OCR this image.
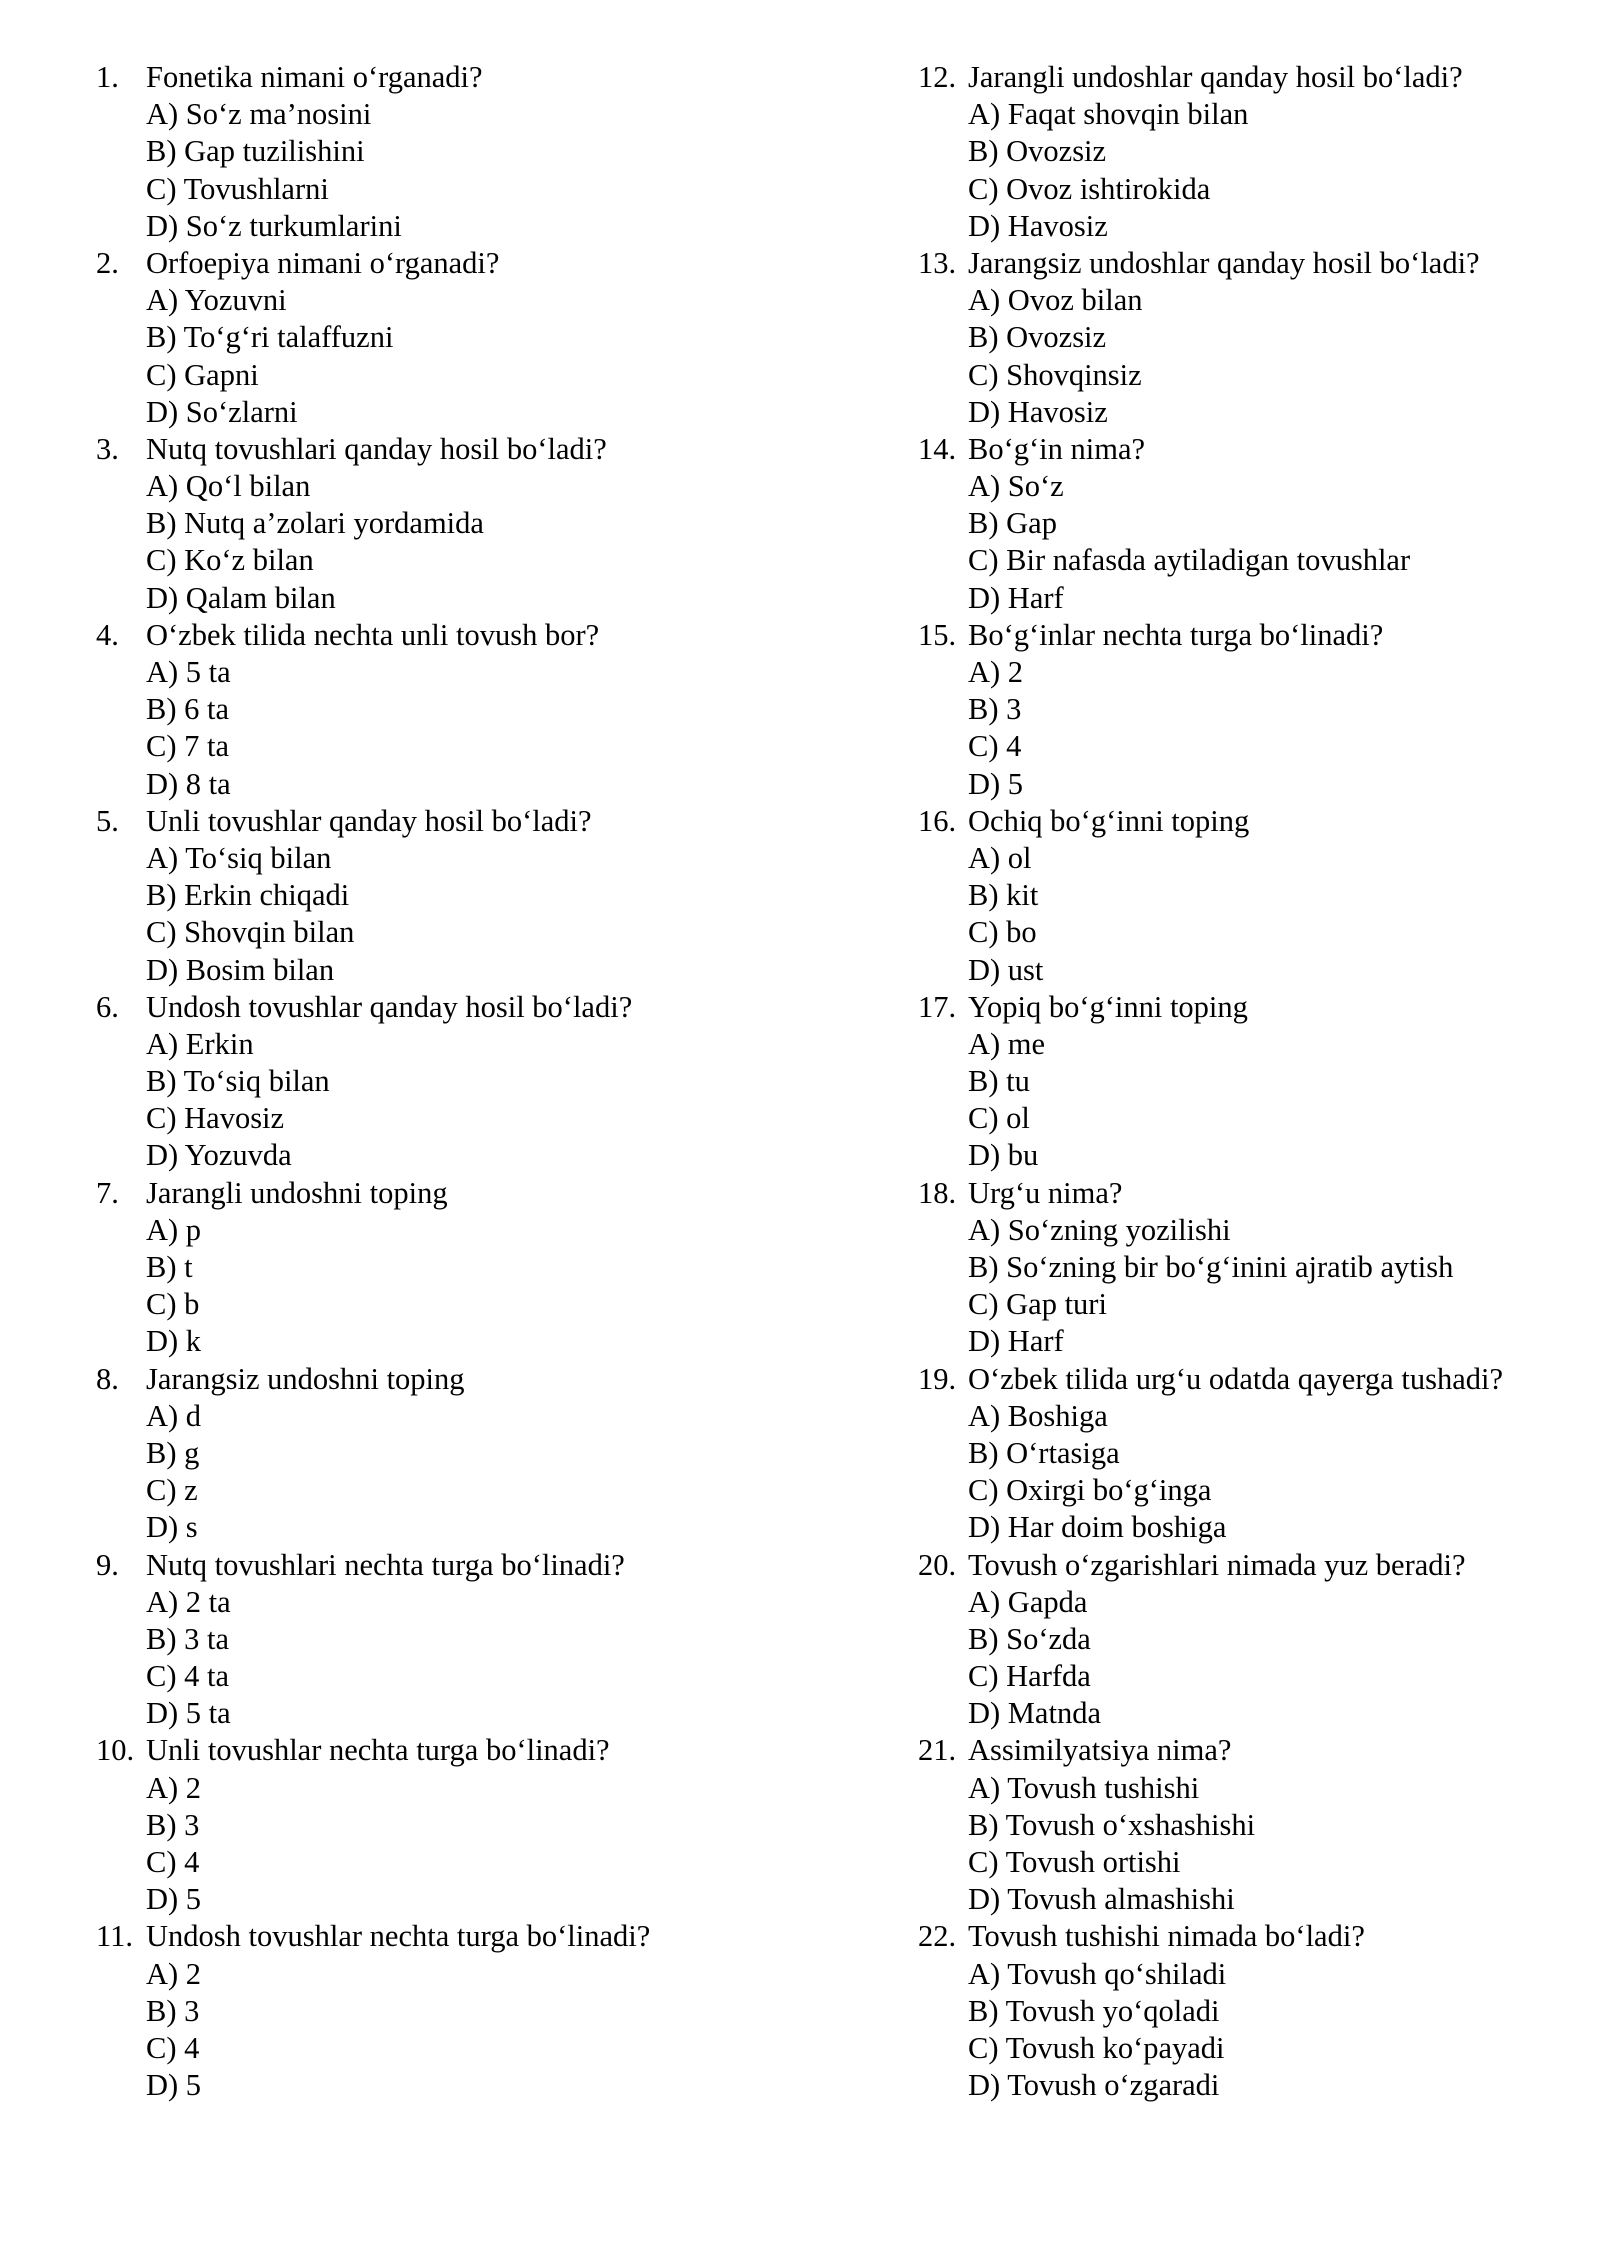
1. Fonetika nimani o‘rganadi?
A) So‘z ma’nosini
B) Gap tuzilishini
C) Tovushlarni
D) So‘z turkumlarini
2. Orfoepiya nimani o‘rganadi?
A) Yozuvni
B) To‘g‘ri talaffuzni
C) Gapni
D) So‘zlarni
3. Nutq tovushlari qanday hosil bo‘ladi?
A) Qo‘l bilan
B) Nutq a’zolari yordamida
C) Ko‘z bilan
D) Qalam bilan
4. O‘zbek tilida nechta unli tovush bor?
A) 5 ta
B) 6 ta
C) 7 ta
D) 8 ta
5. Unli tovushlar qanday hosil bo‘ladi?
A) To‘siq bilan
B) Erkin chiqadi
C) Shovqin bilan
D) Bosim bilan
6. Undosh tovushlar qanday hosil bo‘ladi?
A) Erkin
B) To‘siq bilan
C) Havosiz
D) Yozuvda
7. Jarangli undoshni toping
A) p
B) t
C) b
D) k
8. Jarangsiz undoshni toping
A) d
B) g
C) z
D) s
9. Nutq tovushlari nechta turga bo‘linadi?
A) 2 ta
B) 3 ta
C) 4 ta
D) 5 ta
10. Unli tovushlar nechta turga bo‘linadi?
A) 2
B) 3
C) 4
D) 5
11. Undosh tovushlar nechta turga bo‘linadi?
A) 2
B) 3
C) 4
D) 5
12. Jarangli undoshlar qanday hosil bo‘ladi?
A) Faqat shovqin bilan
B) Ovozsiz
C) Ovoz ishtirokida
D) Havosiz
13. Jarangsiz undoshlar qanday hosil bo‘ladi?
A) Ovoz bilan
B) Ovozsiz
C) Shovqinsiz
D) Havosiz
14. Bo‘g‘in nima?
A) So‘z
B) Gap
C) Bir nafasda aytiladigan tovushlar
D) Harf
15. Bo‘g‘inlar nechta turga bo‘linadi?
A) 2
B) 3
C) 4
D) 5
16. Ochiq bo‘g‘inni toping
A) ol
B) kit
C) bo
D) ust
17. Yopiq bo‘g‘inni toping
A) me
B) tu
C) ol
D) bu
18. Urg‘u nima?
A) So‘zning yozilishi
B) So‘zning bir bo‘g‘inini ajratib aytish
C) Gap turi
D) Harf
19. O‘zbek tilida urg‘u odatda qayerga tushadi?
A) Boshiga
B) O‘rtasiga
C) Oxirgi bo‘g‘inga
D) Har doim boshiga
20. Tovush o‘zgarishlari nimada yuz beradi?
A) Gapda
B) So‘zda
C) Harfda
D) Matnda
21. Assimilyatsiya nima?
A) Tovush tushishi
B) Tovush o‘xshashishi
C) Tovush ortishi
D) Tovush almashishi
22. Tovush tushishi nimada bo‘ladi?
A) Tovush qo‘shiladi
B) Tovush yo‘qoladi
C) Tovush ko‘payadi
D) Tovush o‘zgaradi
